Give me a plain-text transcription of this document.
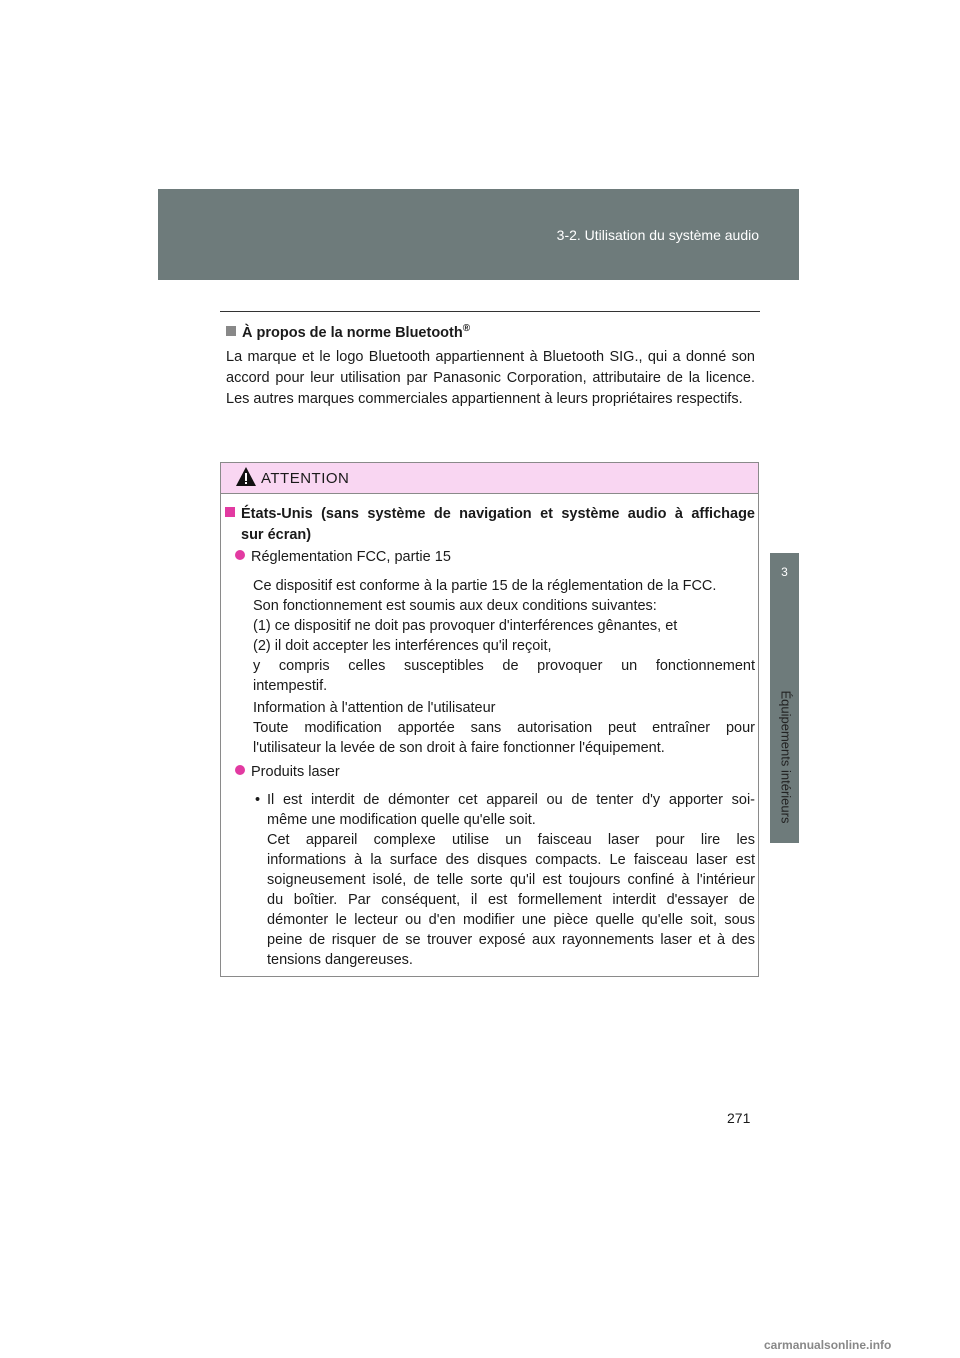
3-2. Utilisation du système audio
3
Équipements intérieurs
À propos de la norme Bluetooth®
La marque et le logo Bluetooth appartiennent à Bluetooth SIG., qui a donné son accord pour leur utilisation par Panasonic Corporation, attributaire de la licence. Les autres marques commerciales appartiennent à leurs propriétaires respectifs.
ATTENTION
États-Unis (sans système de navigation et système audio à affichage
sur écran)
Réglementation FCC, partie 15
Ce dispositif est conforme à la partie 15 de la réglementation de la FCC.
Son fonctionnement est soumis aux deux conditions suivantes:
(1) ce dispositif ne doit pas provoquer d'interférences gênantes, et
(2) il doit accepter les interférences qu'il reçoit,
y compris celles susceptibles de provoquer un fonctionnement
intempestif.
Information à l'attention de l'utilisateur
Toute modification apportée sans autorisation peut entraîner pour
l'utilisateur la levée de son droit à faire fonctionner l'équipement.
Produits laser
• Il est interdit de démonter cet appareil ou de tenter d'y apporter soi-
même une modification quelle qu'elle soit.
Cet appareil complexe utilise un faisceau laser pour lire les
informations à la surface des disques compacts. Le faisceau laser est
soigneusement isolé, de telle sorte qu'il est toujours confiné à l'intérieur
du boîtier. Par conséquent, il est formellement interdit d'essayer de
démonter le lecteur ou d'en modifier une pièce quelle qu'elle soit, sous
peine de risquer de se trouver exposé aux rayonnements laser et à des
tensions dangereuses.
271
carmanualsonline.info
